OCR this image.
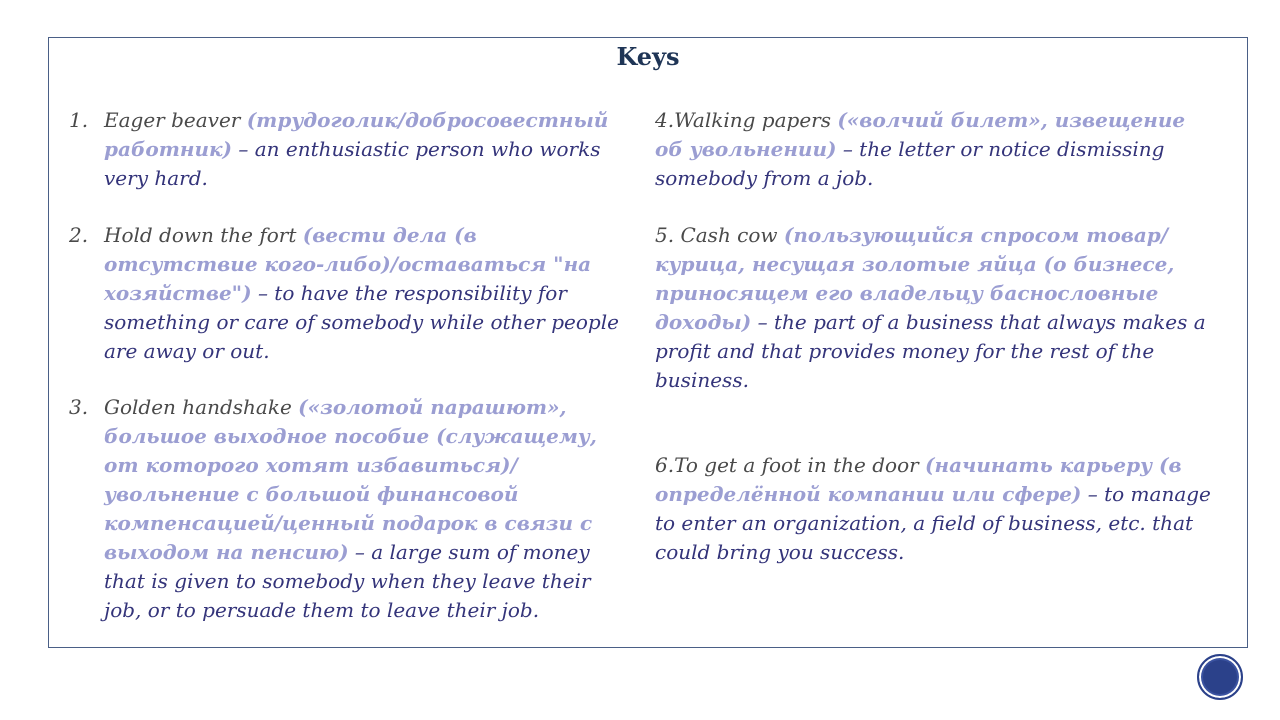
Keys
1. Eager beaver (трудоголик/добросовестный работник) – an enthusiastic person who works very hard.
2. Hold down the fort (вести дела (в отсутствие кого-либо)/оставаться "на хозяйстве") – to have the responsibility for something or care of somebody while other people are away or out.
3. Golden handshake («золотой парашют», большое выходное пособие (служащему, от которого хотят избавиться)/увольнение с большой финансовой компенсацией/ценный подарок в связи с выходом на пенсию) – a large sum of money that is given to somebody when they leave their job, or to persuade them to leave their job.
4.Walking papers («волчий билет», извещение об увольнении) – the letter or notice dismissing somebody from a job.
5. Cash cow (пользующийся спросом товар/курица, несущая золотые яйца (о бизнесе, приносящем его владельцу баснословные доходы) – the part of a business that always makes a profit and that provides money for the rest of the business.
6.To get a foot in the door (начинать карьеру (в определённой компании или сфере) – to manage to enter an organization, a field of business, etc. that could bring you success.
